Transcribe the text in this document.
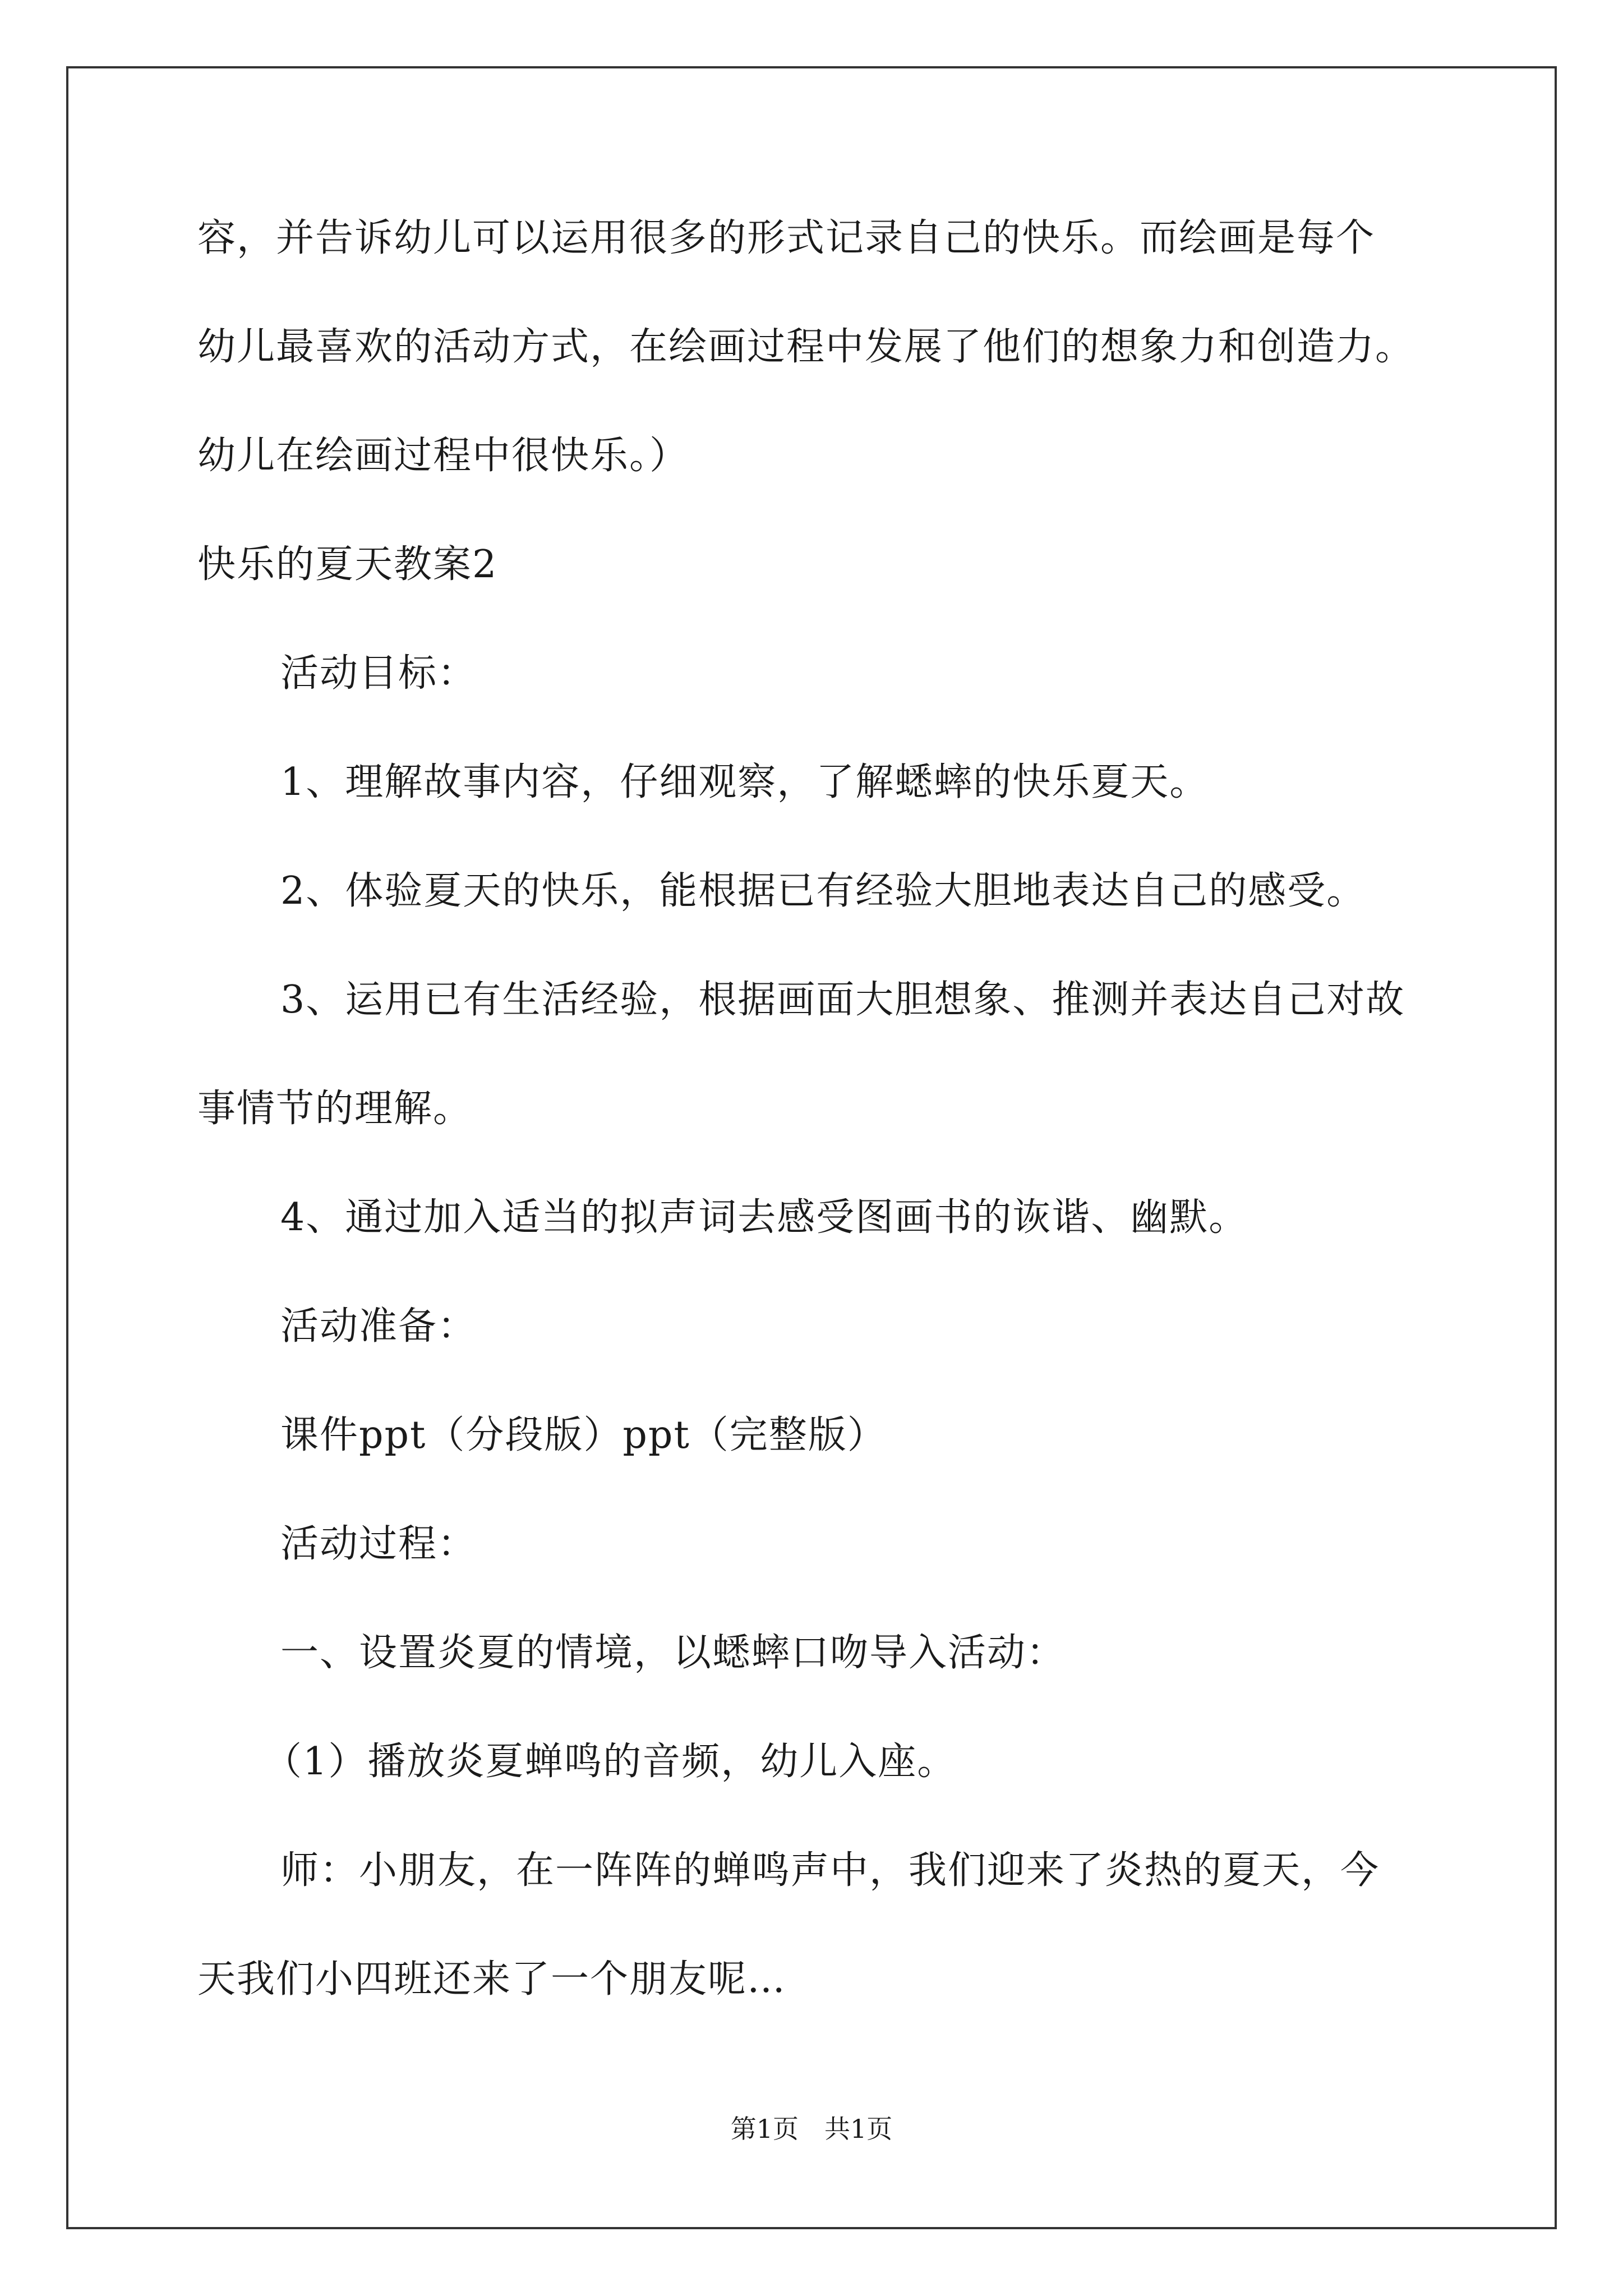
容，并告诉幼儿可以运用很多的形式记录自己的快乐。而绘画是每个
幼儿最喜欢的活动方式，在绘画过程中发展了他们的想象力和创造力。
幼儿在绘画过程中很快乐。）
快乐的夏天教案2
活动目标：
1、理解故事内容，仔细观察，了解蟋蟀的快乐夏天。
2、体验夏天的快乐，能根据已有经验大胆地表达自己的感受。
3、运用已有生活经验，根据画面大胆想象、推测并表达自己对故
事情节的理解。
4、通过加入适当的拟声词去感受图画书的诙谐、幽默。
活动准备：
课件ppt（分段版）ppt（完整版）
活动过程：
一、设置炎夏的情境，以蟋蟀口吻导入活动：
（1）播放炎夏蝉鸣的音频，幼儿入座。
师：小朋友，在一阵阵的蝉鸣声中，我们迎来了炎热的夏天，今
天我们小四班还来了一个朋友呢…
第1页　共1页
